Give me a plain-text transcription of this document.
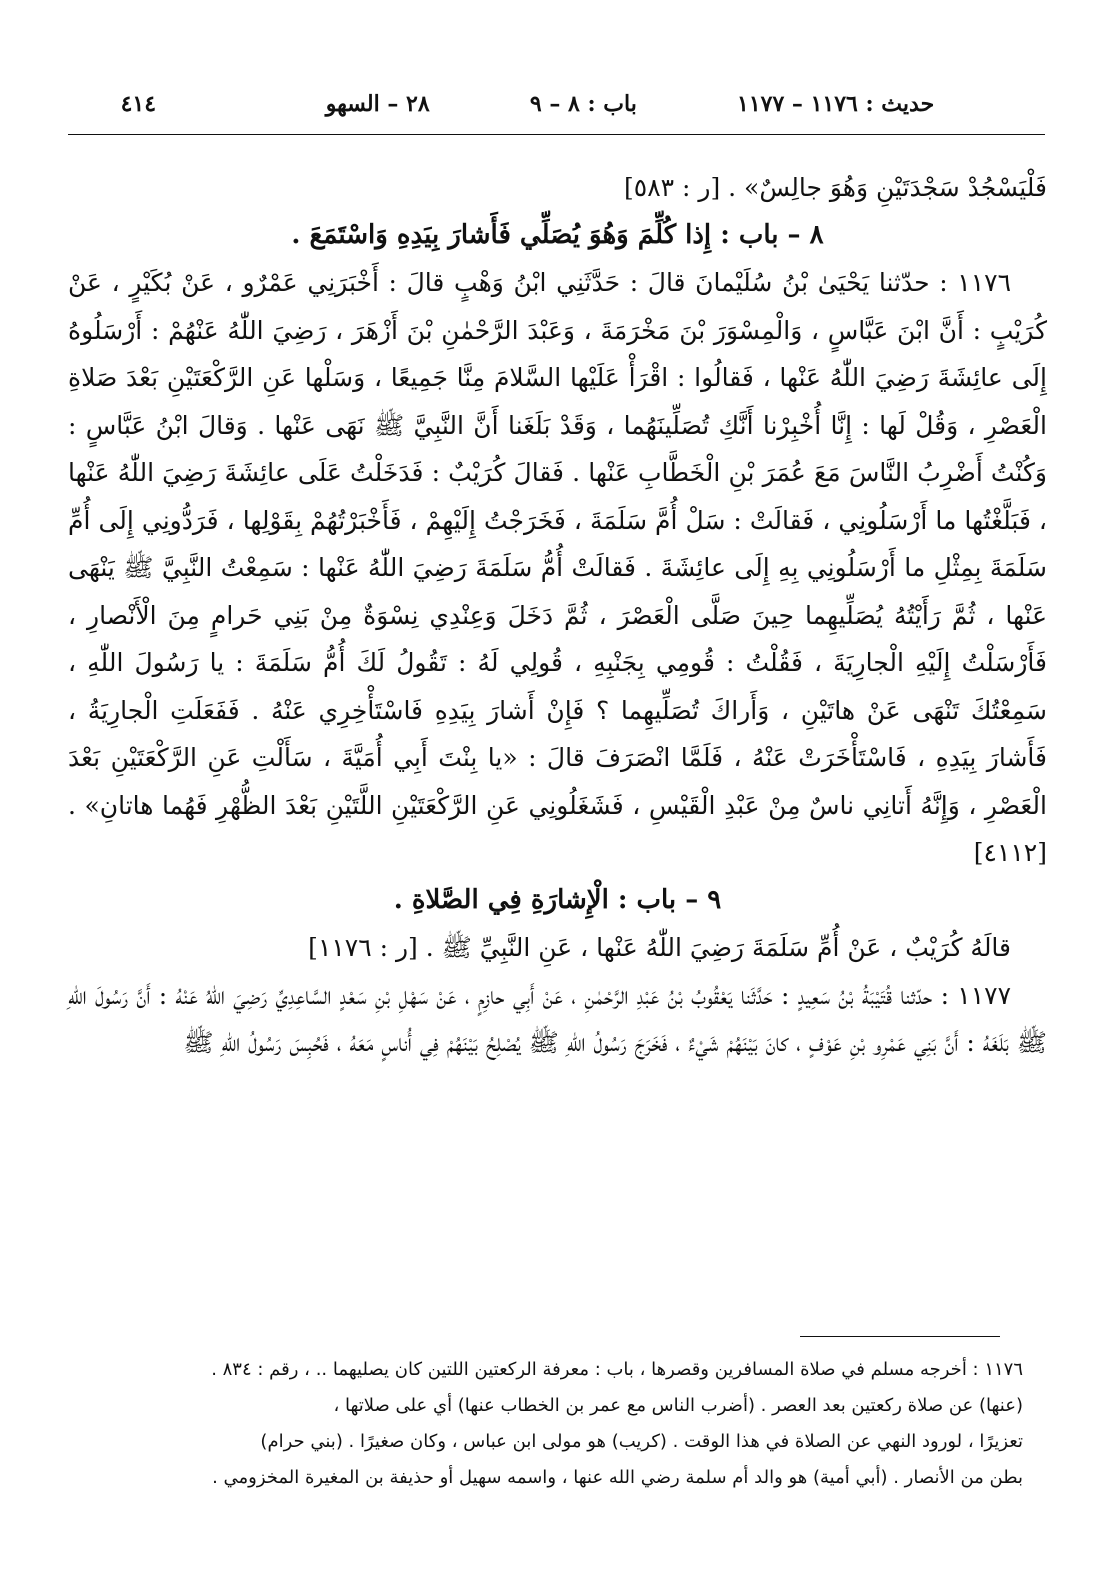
٤١٤	٢٨ – السهو	باب : ٨ – ٩	حديث : ١١٧٦ – ١١٧٧

فَلْيَسْجُدْ سَجْدَتَيْنِ وَهُوَ جالِسٌ» . [ر : ٥٨٣]

٨ – باب : إِذا كُلِّمَ وَهُوَ يُصَلِّي فَأَشارَ بِيَدِهِ وَاسْتَمَعَ .

١١٧٦ : حدّثنا يَحْيَىٰ بْنُ سُلَيْمانَ قالَ : حَدَّثَنِي ابْنُ وَهْبٍ قالَ : أَخْبَرَنِي عَمْرٌو ، عَنْ بُكَيْرٍ ، عَنْ كُرَيْبٍ : أَنَّ ابْنَ عَبَّاسٍ ، وَالْمِسْوَرَ بْنَ مَخْرَمَةَ ، وَعَبْدَ الرَّحْمٰنِ بْنَ أَزْهَرَ ، رَضِيَ اللّٰهُ عَنْهُمْ : أَرْسَلُوهُ إِلَى عائِشَةَ رَضِيَ اللّٰهُ عَنْها ، فَقالُوا : اقْرَأْ عَلَيْها السَّلامَ مِنَّا جَمِيعًا ، وَسَلْها عَنِ الرَّكْعَتَيْنِ بَعْدَ صَلاةِ الْعَصْرِ ، وَقُلْ لَها : إِنَّا أُخْبِرْنا أَنَّكِ تُصَلِّينَهُما ، وَقَدْ بَلَغَنا أَنَّ النَّبِيَّ ﷺ نَهَى عَنْها . وَقالَ ابْنُ عَبَّاسٍ : وَكُنْتُ أَضْرِبُ النَّاسَ مَعَ عُمَرَ بْنِ الْخَطَّابِ عَنْها . فَقالَ كُرَيْبٌ : فَدَخَلْتُ عَلَى عائِشَةَ رَضِيَ اللّٰهُ عَنْها ، فَبَلَّغْتُها ما أَرْسَلُونِي ، فَقالَتْ : سَلْ أُمَّ سَلَمَةَ ، فَخَرَجْتُ إِلَيْهِمْ ، فَأَخْبَرْتُهُمْ بِقَوْلِها ، فَرَدُّونِي إِلَى أُمِّ سَلَمَةَ بِمِثْلِ ما أَرْسَلُونِي بِهِ إِلَى عائِشَةَ . فَقالَتْ أُمُّ سَلَمَةَ رَضِيَ اللّٰهُ عَنْها : سَمِعْتُ النَّبِيَّ ﷺ يَنْهَى عَنْها ، ثُمَّ رَأَيْتُهُ يُصَلِّيهِما حِينَ صَلَّى الْعَصْرَ ، ثُمَّ دَخَلَ وَعِنْدِي نِسْوَةٌ مِنْ بَنِي حَرامٍ مِنَ الْأَنْصارِ ، فَأَرْسَلْتُ إِلَيْهِ الْجارِيَةَ ، فَقُلْتُ : قُومِي بِجَنْبِهِ ، قُولِي لَهُ : تَقُولُ لَكَ أُمُّ سَلَمَةَ : يا رَسُولَ اللّٰهِ ، سَمِعْتُكَ تَنْهَى عَنْ هاتَيْنِ ، وَأَراكَ تُصَلِّيهِما ؟ فَإِنْ أَشارَ بِيَدِهِ فَاسْتَأْخِرِي عَنْهُ . فَفَعَلَتِ الْجارِيَةُ ، فَأَشارَ بِيَدِهِ ، فَاسْتَأْخَرَتْ عَنْهُ ، فَلَمَّا انْصَرَفَ قالَ : «يا بِنْتَ أَبِي أُمَيَّةَ ، سَأَلْتِ عَنِ الرَّكْعَتَيْنِ بَعْدَ الْعَصْرِ ، وَإِنَّهُ أَتانِي ناسٌ مِنْ عَبْدِ الْقَيْسِ ، فَشَغَلُونِي عَنِ الرَّكْعَتَيْنِ اللَّتَيْنِ بَعْدَ الظُّهْرِ فَهُما هاتانِ» . [٤١١٢]

٩ – باب : الْإِشارَةِ فِي الصَّلاةِ .

قالَهُ كُرَيْبٌ ، عَنْ أُمِّ سَلَمَةَ رَضِيَ اللّٰهُ عَنْها ، عَنِ النَّبِيِّ ﷺ . [ر : ١١٧٦]

١١٧٧ : حدّثنا قُتَيْبَةُ بْنُ سَعِيدٍ : حَدَّثَنا يَعْقُوبُ بْنُ عَبْدِ الرَّحْمٰنِ ، عَنْ أَبِي حازِمٍ ، عَنْ سَهْلِ بْنِ سَعْدٍ السَّاعِدِيِّ رَضِيَ اللّٰهُ عَنْهُ : أَنَّ رَسُولَ اللّٰهِ ﷺ بَلَغَهُ : أَنَّ بَنِي عَمْرِو بْنِ عَوْفٍ ، كانَ بَيْنَهُمْ شَيْءٌ ، فَخَرَجَ رَسُولُ اللّٰهِ ﷺ يُصْلِحُ بَيْنَهُمْ فِي أُناسٍ مَعَهُ ، فَحُبِسَ رَسُولُ اللّٰهِ ﷺ

١١٧٦ : أخرجه مسلم في صلاة المسافرين وقصرها ، باب : معرفة الركعتين اللتين كان يصليهما .. ، رقم : ٨٣٤ .

(عنها) عن صلاة ركعتين بعد العصر . (أضرب الناس مع عمر بن الخطاب عنها) أي على صلاتها ،

تعزيرًا ، لورود النهي عن الصلاة في هذا الوقت . (كريب) هو مولى ابن عباس ، وكان صغيرًا . (بني حرام)

بطن من الأنصار . (أبي أمية) هو والد أم سلمة رضي الله عنها ، واسمه سهيل أو حذيفة بن المغيرة المخزومي .
